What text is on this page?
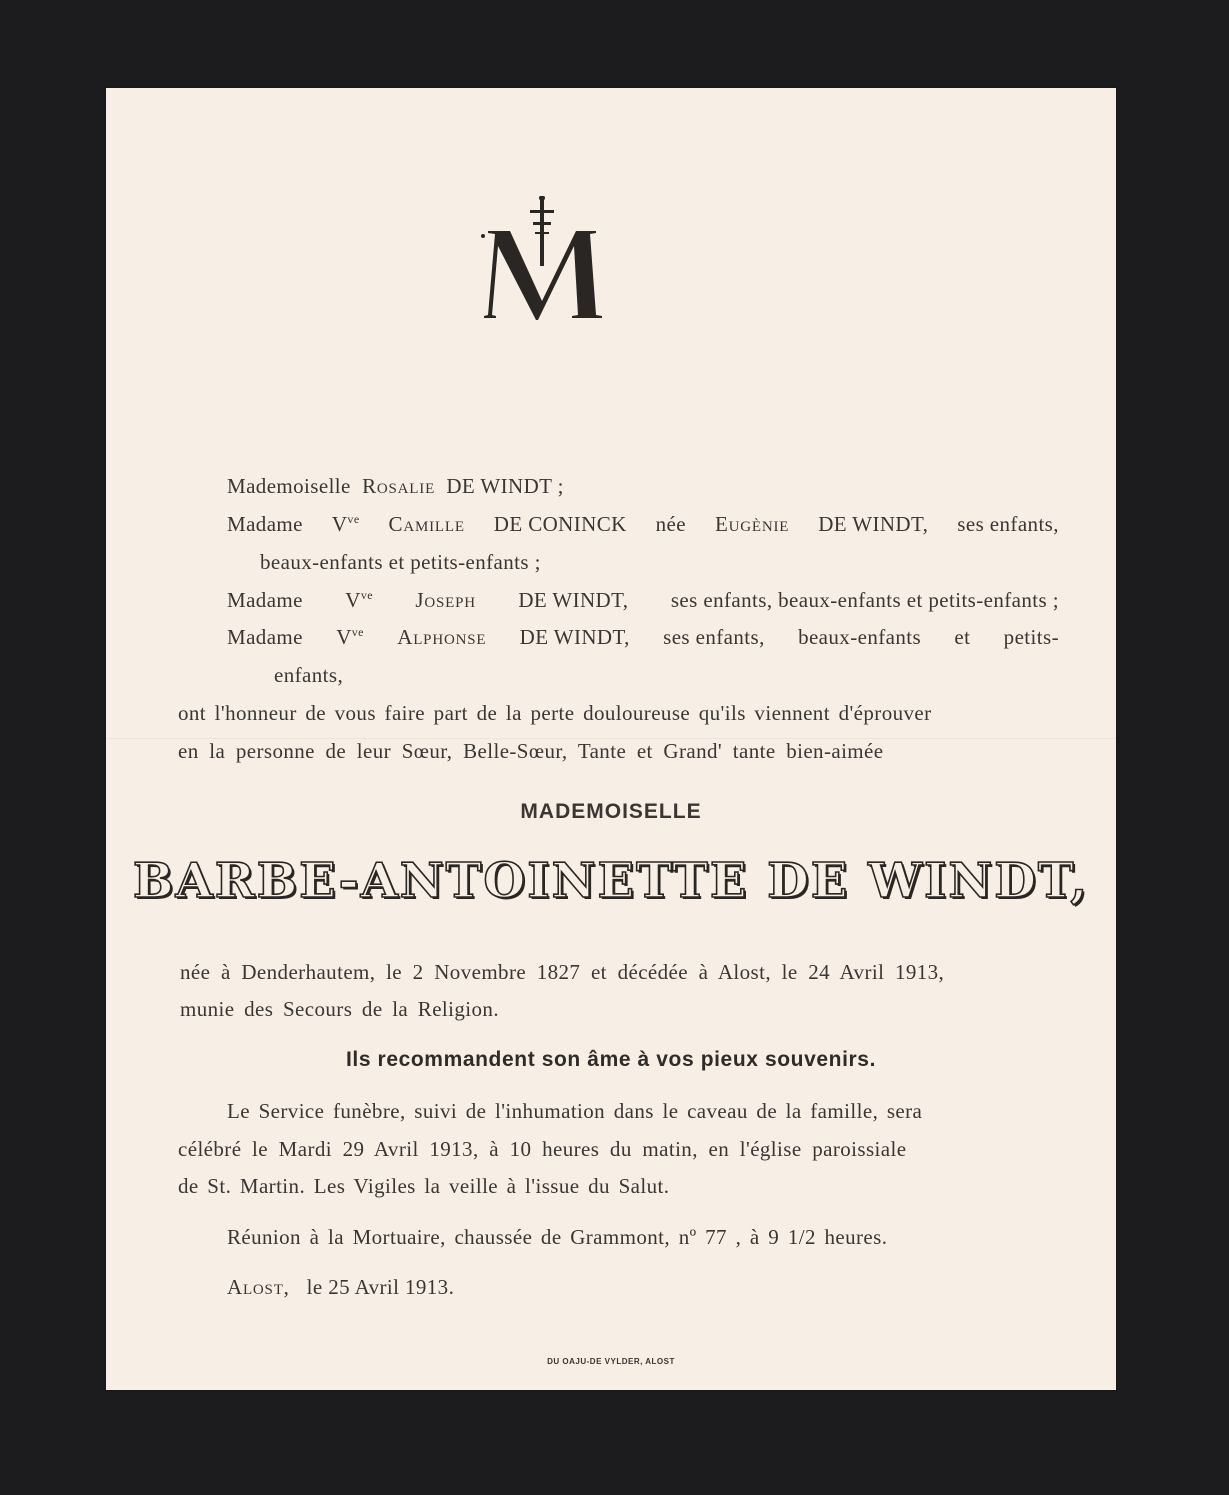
Mademoiselle Rosalie DE WINDT ;
Madame $V^{ve}$ Camille DE CONINCK née Eugènie DE WINDT, ses enfants,
beaux-enfants et petits-enfants ;
Madame $V^{ve}$ Joseph DE WINDT, ses enfants, beaux-enfants et petits-enfants ;
Madame $V^{ve}$ Alphonse DE WINDT, ses enfants, beaux-enfants et petits-
enfants,
ont l'honneur de vous faire part de la perte douloureuse qu'ils viennent d'éprouver
en la personne de leur Sœur, Belle-Sœur, Tante et Grand' tante bien-aimée
MADEMOISELLE
BARBE-ANTOINETTE DE WINDT,
née à Denderhautem, le 2 Novembre 1827 et décédée à Alost, le 24 Avril 1913,
munie des Secours de la Religion.
Ils recommandent son âme à vos pieux souvenirs.
Le Service funèbre, suivi de l'inhumation dans le caveau de la famille, sera
célébré le Mardi 29 Avril 1913, à 10 heures du matin, en l'église paroissiale
de St. Martin. Les Vigiles la veille à l'issue du Salut.
Réunion à la Mortuaire, chaussée de Grammont, nº 77 , à 9 1/2 heures.
Alost, le 25 Avril 1913.
DU OAJU-DE VYLDER, ALOST
